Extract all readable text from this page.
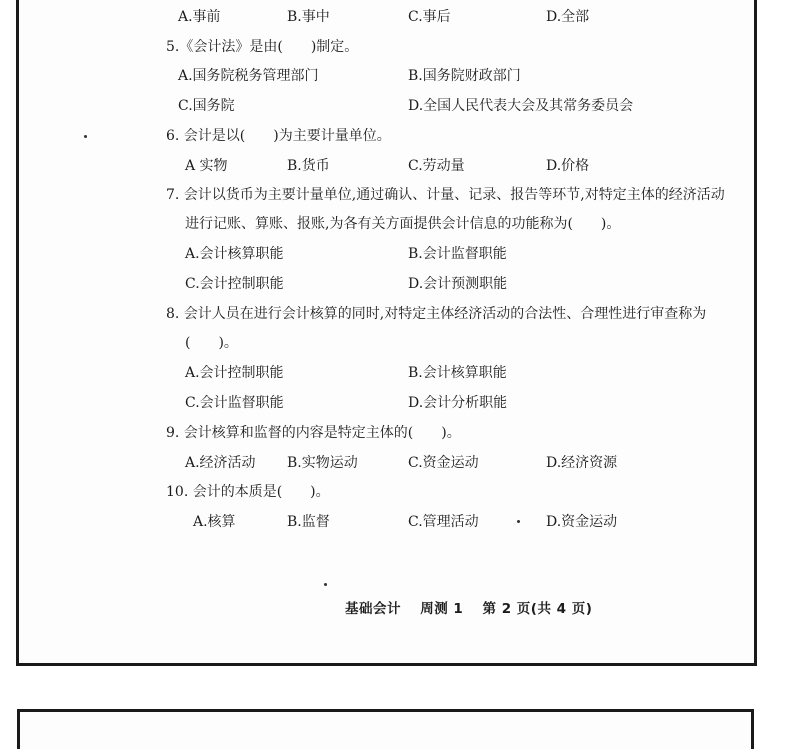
A.事前	B.事中	C.事后	D.全部
5.《会计法》是由(　　)制定。
A.国务院税务管理部门	B.国务院财政部门
C.国务院	D.全国人民代表大会及其常务委员会
6. 会计是以(　　)为主要计量单位。
A 实物	B.货币	C.劳动量	D.价格
7. 会计以货币为主要计量单位,通过确认、计量、记录、报告等环节,对特定主体的经济活动
进行记账、算账、报账,为各有关方面提供会计信息的功能称为(　　)。
A.会计核算职能	B.会计监督职能
C.会计控制职能	D.会计预测职能
8. 会计人员在进行会计核算的同时,对特定主体经济活动的合法性、合理性进行审查称为
(　　)。
A.会计控制职能	B.会计核算职能
C.会计监督职能	D.会计分析职能
9. 会计核算和监督的内容是特定主体的(　　)。
A.经济活动 B.实物运动	C.资金运动	D.经济资源
10. 会计的本质是(　　)。
A.核算	B.监督	C.管理活动	D.资金运动
基础会计 周测 1 第 2 页(共 4 页)
